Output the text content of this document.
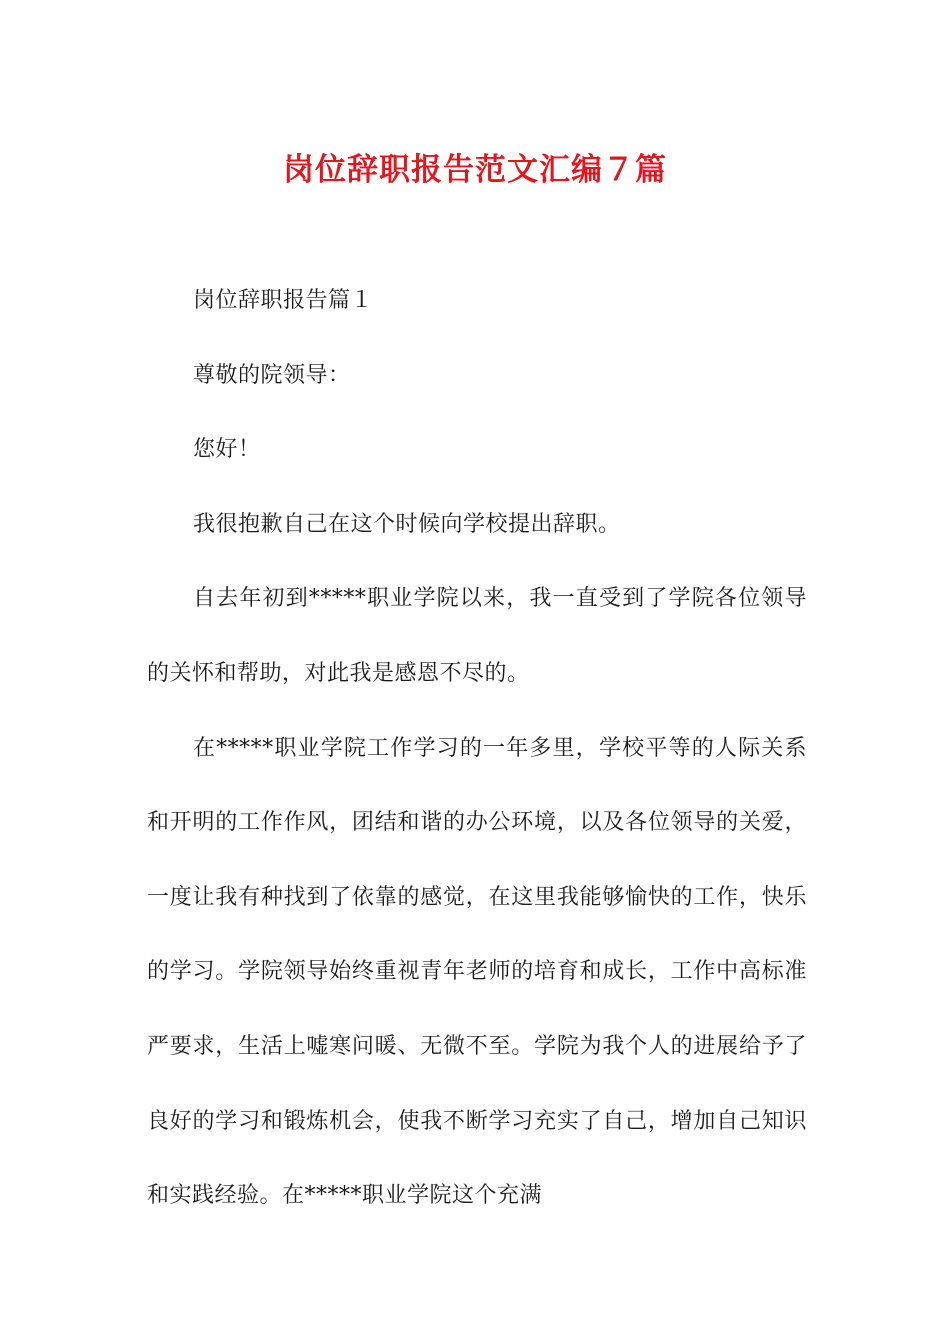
岗位辞职报告范文汇编７篇

岗位辞职报告篇１

尊敬的院领导：

您好！

我很抱歉自己在这个时候向学校提出辞职。

自去年初到*****职业学院以来，我一直受到了学院各位领导的关怀和帮助，对此我是感恩不尽的。

在*****职业学院工作学习的一年多里，学校平等的人际关系和开明的工作作风，团结和谐的办公环境，以及各位领导的关爱，一度让我有种找到了依靠的感觉，在这里我能够愉快的工作，快乐的学习。学院领导始终重视青年老师的培育和成长，工作中高标准严要求，生活上嘘寒问暖、无微不至。学院为我个人的进展给予了良好的学习和锻炼机会，使我不断学习充实了自己，增加自己知识和实践经验。在*****职业学院这个充满
